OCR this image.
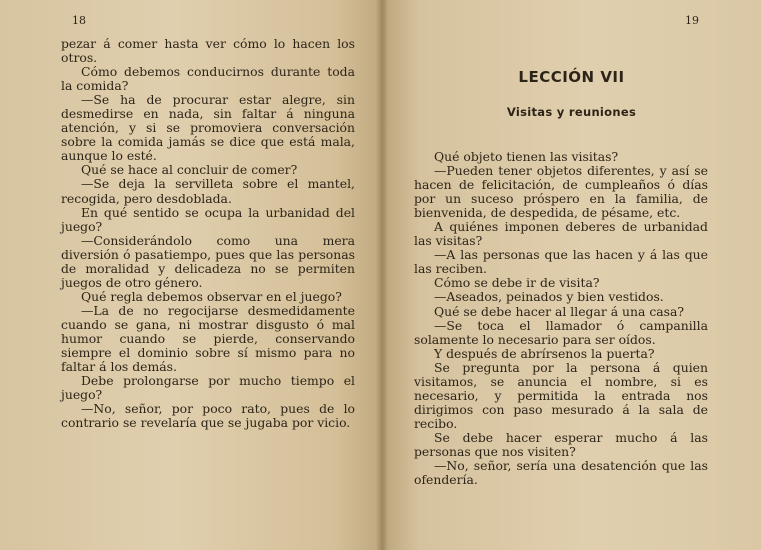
18

pezar á comer hasta ver cómo lo hacen los otros.

Cómo debemos conducirnos durante toda la comida?

—Se ha de procurar estar alegre, sin desmedirse en nada, sin faltar á ninguna atención, y si se promoviera conversación sobre la comida jamás se dice que está mala, aunque lo esté.

Qué se hace al concluir de comer?

—Se deja la servilleta sobre el mantel, recogida, pero desdoblada.

En qué sentido se ocupa la urbanidad del juego?

—Considerándolo como una mera diversión ó pasatiempo, pues que las personas de moralidad y delicadeza no se permiten juegos de otro género.

Qué regla debemos observar en el juego?

—La de no regocijarse desmedidamente cuando se gana, ni mostrar disgusto ó mal humor cuando se pierde, conservando siempre el dominio sobre sí mismo para no faltar á los demás.

Debe prolongarse por mucho tiempo el juego?

—No, señor, por poco rato, pues de lo contrario se revelaría que se jugaba por vicio.

19
LECCIÓN VII
Visitas y reuniones

Qué objeto tienen las visitas?

—Pueden tener objetos diferentes, y así se hacen de felicitación, de cumpleaños ó días por un suceso próspero en la familia, de bienvenida, de despedida, de pésame, etc.

A quiénes imponen deberes de urbanidad las visitas?

—A las personas que las hacen y á las que las reciben.

Cómo se debe ir de visita?

—Aseados, peinados y bien vestidos.

Qué se debe hacer al llegar á una casa?

—Se toca el llamador ó campanilla solamente lo necesario para ser oídos.

Y después de abrírsenos la puerta?

Se pregunta por la persona á quien visitamos, se anuncia el nombre, si es necesario, y permitida la entrada nos dirigimos con paso mesurado á la sala de recibo.

Se debe hacer esperar mucho á las personas que nos visiten?

—No, señor, sería una desatención que las ofendería.
